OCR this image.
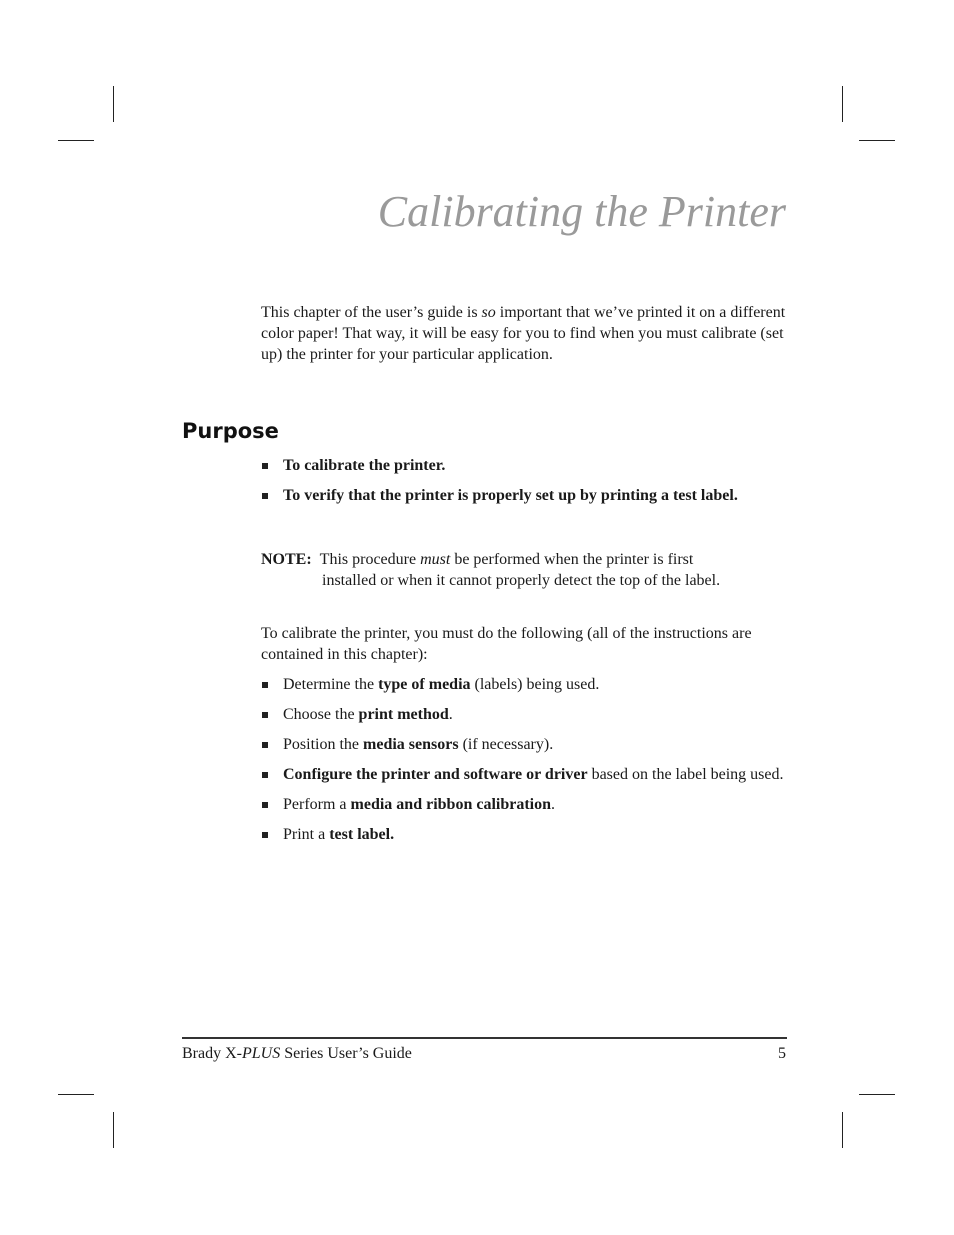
Calibrating the Printer

This chapter of the user’s guide is so important that we’ve printed it on a different color paper! That way, it will be easy for you to find when you must calibrate (set up) the printer for your particular application.

Purpose
To calibrate the printer.
To verify that the printer is properly set up by printing a test label.
NOTE: This procedure must be performed when the printer is first
installed or when it cannot properly detect the top of the label.

To calibrate the printer, you must do the following (all of the instructions are contained in this chapter):

Determine the type of media (labels) being used.
Choose the print method.
Position the media sensors (if necessary).
Configure the printer and software or driver based on the label being used.
Perform a media and ribbon calibration.
Print a test label.
Brady X-PLUS Series User’s Guide	5
